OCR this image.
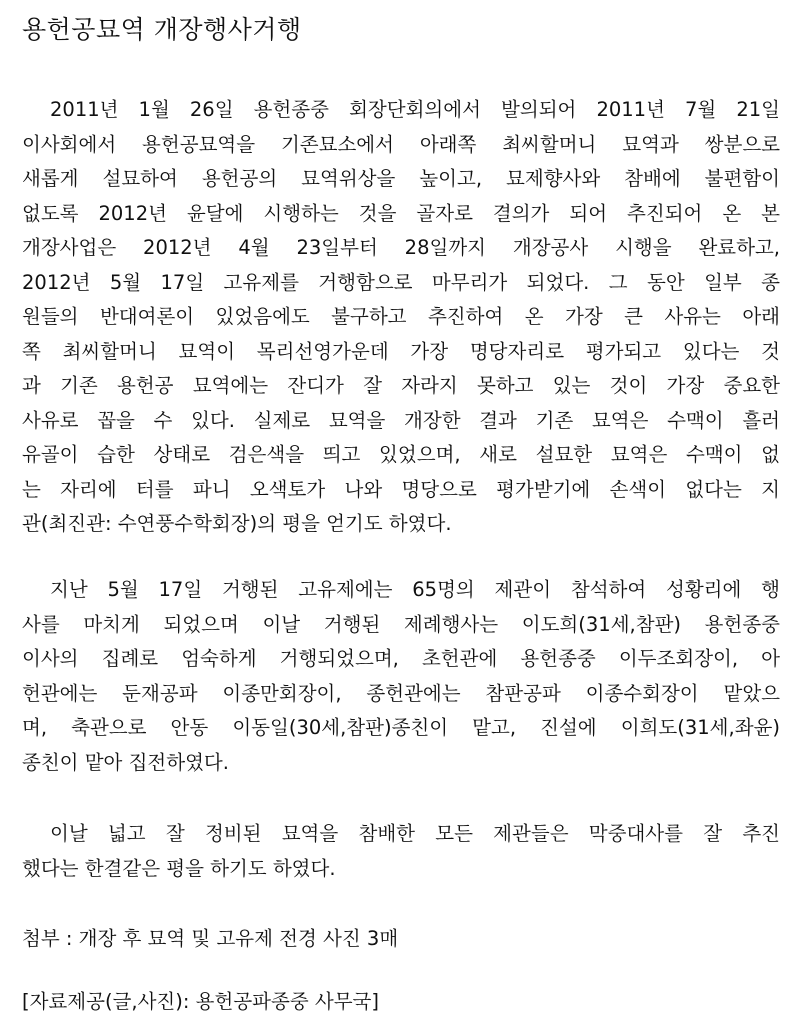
용헌공묘역 개장행사거행
2011년 1월 26일 용헌종중 회장단회의에서 발의되어 2011년 7월 21일
이사회에서 용헌공묘역을 기존묘소에서 아래쪽 최씨할머니 묘역과 쌍분으로
새롭게 설묘하여 용헌공의 묘역위상을 높이고, 묘제향사와 참배에 불편함이
없도록 2012년 윤달에 시행하는 것을 골자로 결의가 되어 추진되어 온 본
개장사업은 2012년 4월 23일부터 28일까지 개장공사 시행을 완료하고,
2012년 5월 17일 고유제를 거행함으로 마무리가 되었다. 그 동안 일부 종
원들의 반대여론이 있었음에도 불구하고 추진하여 온 가장 큰 사유는 아래
쪽 최씨할머니 묘역이 목리선영가운데 가장 명당자리로 평가되고 있다는 것
과 기존 용헌공 묘역에는 잔디가 잘 자라지 못하고 있는 것이 가장 중요한
사유로 꼽을 수 있다. 실제로 묘역을 개장한 결과 기존 묘역은 수맥이 흘러
유골이 습한 상태로 검은색을 띄고 있었으며, 새로 설묘한 묘역은 수맥이 없
는 자리에 터를 파니 오색토가 나와 명당으로 평가받기에 손색이 없다는 지
관(최진관: 수연풍수학회장)의 평을 얻기도 하였다.
지난 5월 17일 거행된 고유제에는 65명의 제관이 참석하여 성황리에 행
사를 마치게 되었으며 이날 거행된 제례행사는 이도희(31세,참판) 용헌종중
이사의 집례로 엄숙하게 거행되었으며, 초헌관에 용헌종중 이두조회장이, 아
헌관에는 둔재공파 이종만회장이, 종헌관에는 참판공파 이종수회장이 맡았으
며, 축관으로 안동 이동일(30세,참판)종친이 맡고, 진설에 이희도(31세,좌윤)
종친이 맡아 집전하였다.
이날 넓고 잘 정비된 묘역을 참배한 모든 제관들은 막중대사를 잘 추진
했다는 한결같은 평을 하기도 하였다.
첨부 : 개장 후 묘역 및 고유제 전경 사진 3매
[자료제공(글,사진): 용헌공파종중 사무국]
